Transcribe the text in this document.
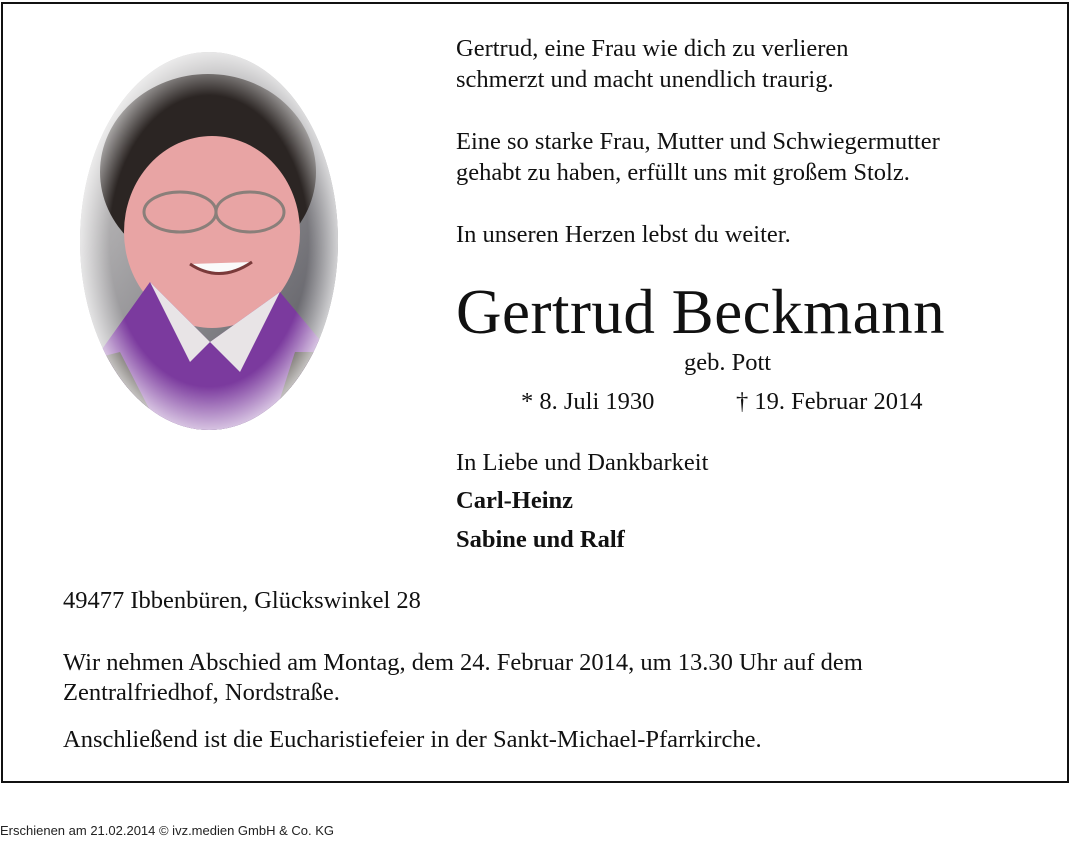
Gertrud, eine Frau wie dich zu verlieren
schmerzt und macht unendlich traurig.

Eine so starke Frau, Mutter und Schwiegermutter
gehabt zu haben, erfüllt uns mit großem Stolz.

In unseren Herzen lebst du weiter.

Gertrud Beckmann
geb. Pott
* 8. Juli 1930	† 19. Februar 2014
In Liebe und Dankbarkeit
Carl-Heinz
Sabine und Ralf
49477 Ibbenbüren, Glückswinkel 28
Wir nehmen Abschied am Montag, dem 24. Februar 2014, um 13.30 Uhr auf dem Zentralfriedhof, Nordstraße.
Anschließend ist die Eucharistiefeier in der Sankt-Michael-Pfarrkirche.
Erschienen am 21.02.2014 © ivz.medien GmbH & Co. KG
